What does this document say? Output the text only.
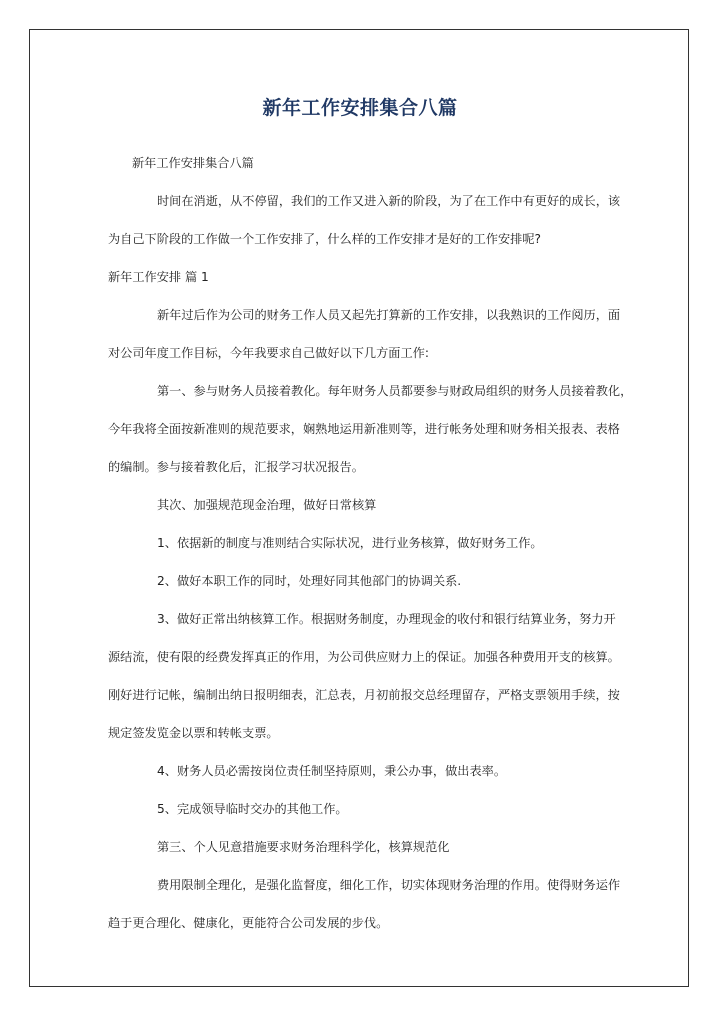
新年工作安排集合八篇
新年工作安排集合八篇
时间在消逝，从不停留，我们的工作又进入新的阶段，为了在工作中有更好的成长，该
为自己下阶段的工作做一个工作安排了，什么样的工作安排才是好的工作安排呢?
新年工作安排 篇 1
新年过后作为公司的财务工作人员又起先打算新的工作安排，以我熟识的工作阅历，面
对公司年度工作目标，今年我要求自己做好以下几方面工作:
第一、参与财务人员接着教化。每年财务人员都要参与财政局组织的财务人员接着教化，
今年我将全面按新准则的规范要求，娴熟地运用新准则等，进行帐务处理和财务相关报表、表格
的编制。参与接着教化后，汇报学习状况报告。
其次、加强规范现金治理，做好日常核算
1、依据新的制度与准则结合实际状况，进行业务核算，做好财务工作。
2、做好本职工作的同时，处理好同其他部门的协调关系.
3、做好正常出纳核算工作。根据财务制度，办理现金的收付和银行结算业务，努力开
源结流，使有限的经费发挥真正的作用，为公司供应财力上的保证。加强各种费用开支的核算。
刚好进行记帐，编制出纳日报明细表，汇总表，月初前报交总经理留存，严格支票领用手续，按
规定签发览金以票和转帐支票。
4、财务人员必需按岗位责任制坚持原则，秉公办事，做出表率。
5、完成领导临时交办的其他工作。
第三、个人见意措施要求财务治理科学化，核算规范化
费用限制全理化，是强化监督度，细化工作，切实体现财务治理的作用。使得财务运作
趋于更合理化、健康化，更能符合公司发展的步伐。
